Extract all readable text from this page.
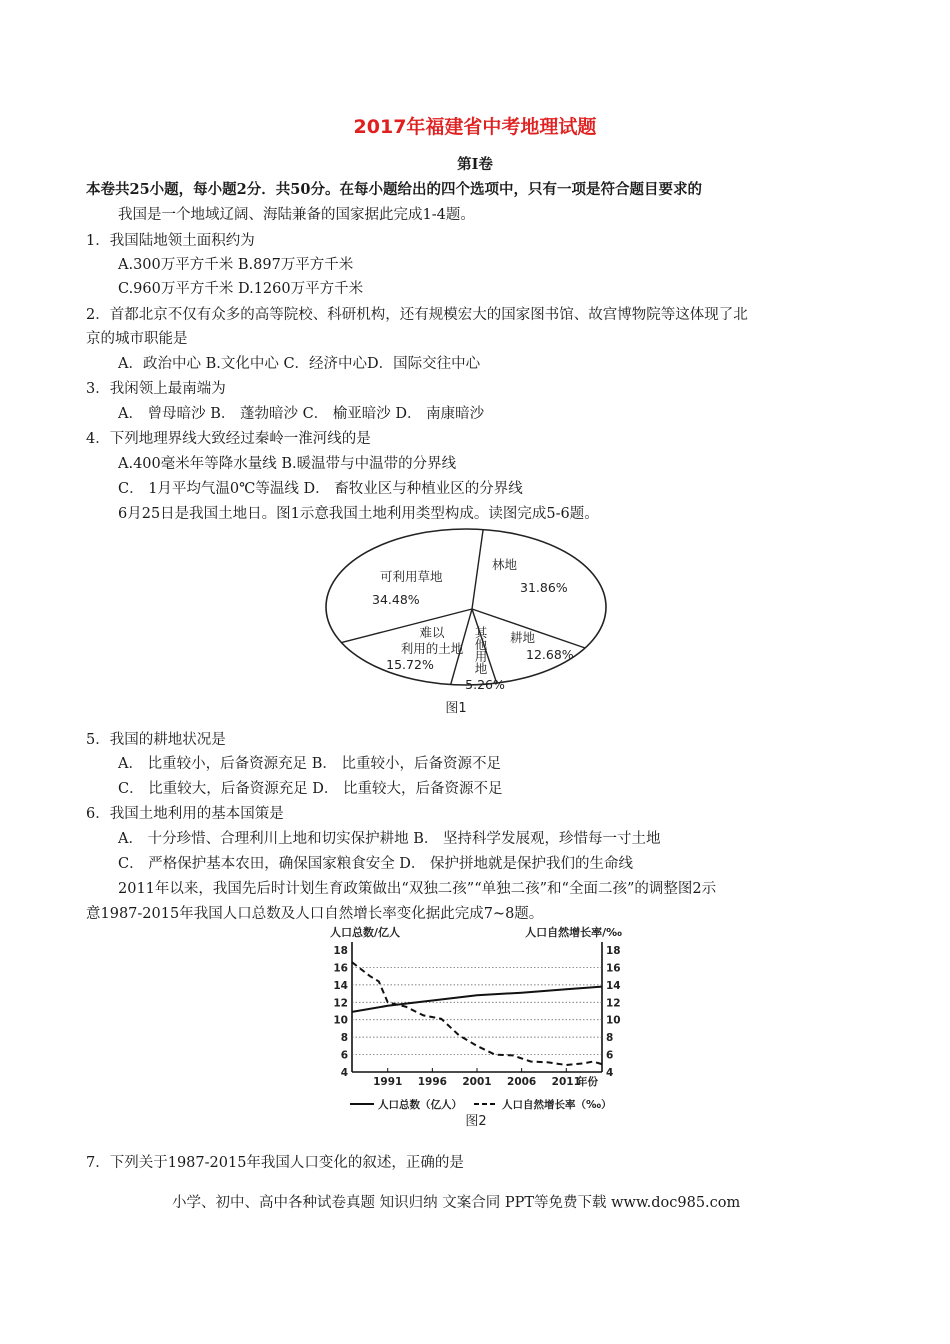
2017年福建省中考地理试题
第Ⅰ卷
本卷共25小题，每小题2分．共50分。在每小题给出的四个选项中，只有一项是符合题目要求的
我国是一个地域辽阔、海陆兼备的国家据此完成1-4题。
1．我国陆地领土面积约为
A.300万平方千米 B.897万平方千米
C.960万平方千米 D.1260万平方千米
2．首都北京不仅有众多的高等院校、科研机构，还有规模宏大的国家图书馆、故宫博物院等这体现了北
京的城市职能是
A．政治中心 B.文化中心 C．经济中心D．国际交往中心
3．我闲领上最南端为
A． 曾母暗沙 B． 蓬勃暗沙 C． 榆亚暗沙 D． 南康暗沙
4．下列地理界线大致经过秦岭一淮河线的是
A.400毫米年等降水量线 B.暖温带与中温带的分界线
C． 1月平均气温0℃等温线 D． 畜牧业区与种植业区的分界线
6月25日是我国土地日。图1示意我国土地利用类型构成。读图完成5-6题。
林地
31.86%
耕地
12.68%
其
他
用
地
5.26%
难以
利用的土地
15.72%
可利用草地
34.48%
图1
5．我国的耕地状况是
A． 比重较小，后备资源充足 B． 比重较小，后备资源不足
C． 比重较大，后备资源充足 D． 比重较大，后备资源不足
6．我国土地利用的基本国策是
A． 十分珍惜、合理利川上地和切实保护耕地 B． 坚持科学发展观，珍惜每一寸土地
C． 严格保护基本农田，确保国家粮食安全 D． 保护拼地就是保护我们的生命线
2011年以来，我国先后时计划生育政策做出“双独二孩”“单独二孩”和“全面二孩”的调整图2示
意1987-2015年我国人口总数及人口自然增长率变化据此完成7~8题。
人口总数/亿人	人口自然增长率/‰
4	4
6	6
8	8
10	10
12	12
14	14
16	16
18	18
1991 1996 2001 2006 2011
年份
人口总数（亿人）	人口自然增长率（‰）
图2
7．下列关于1987-2015年我国人口变化的叙述，正确的是
小学、初中、高中各种试卷真题 知识归纳 文案合同 PPT等免费下载 www.doc985.com
